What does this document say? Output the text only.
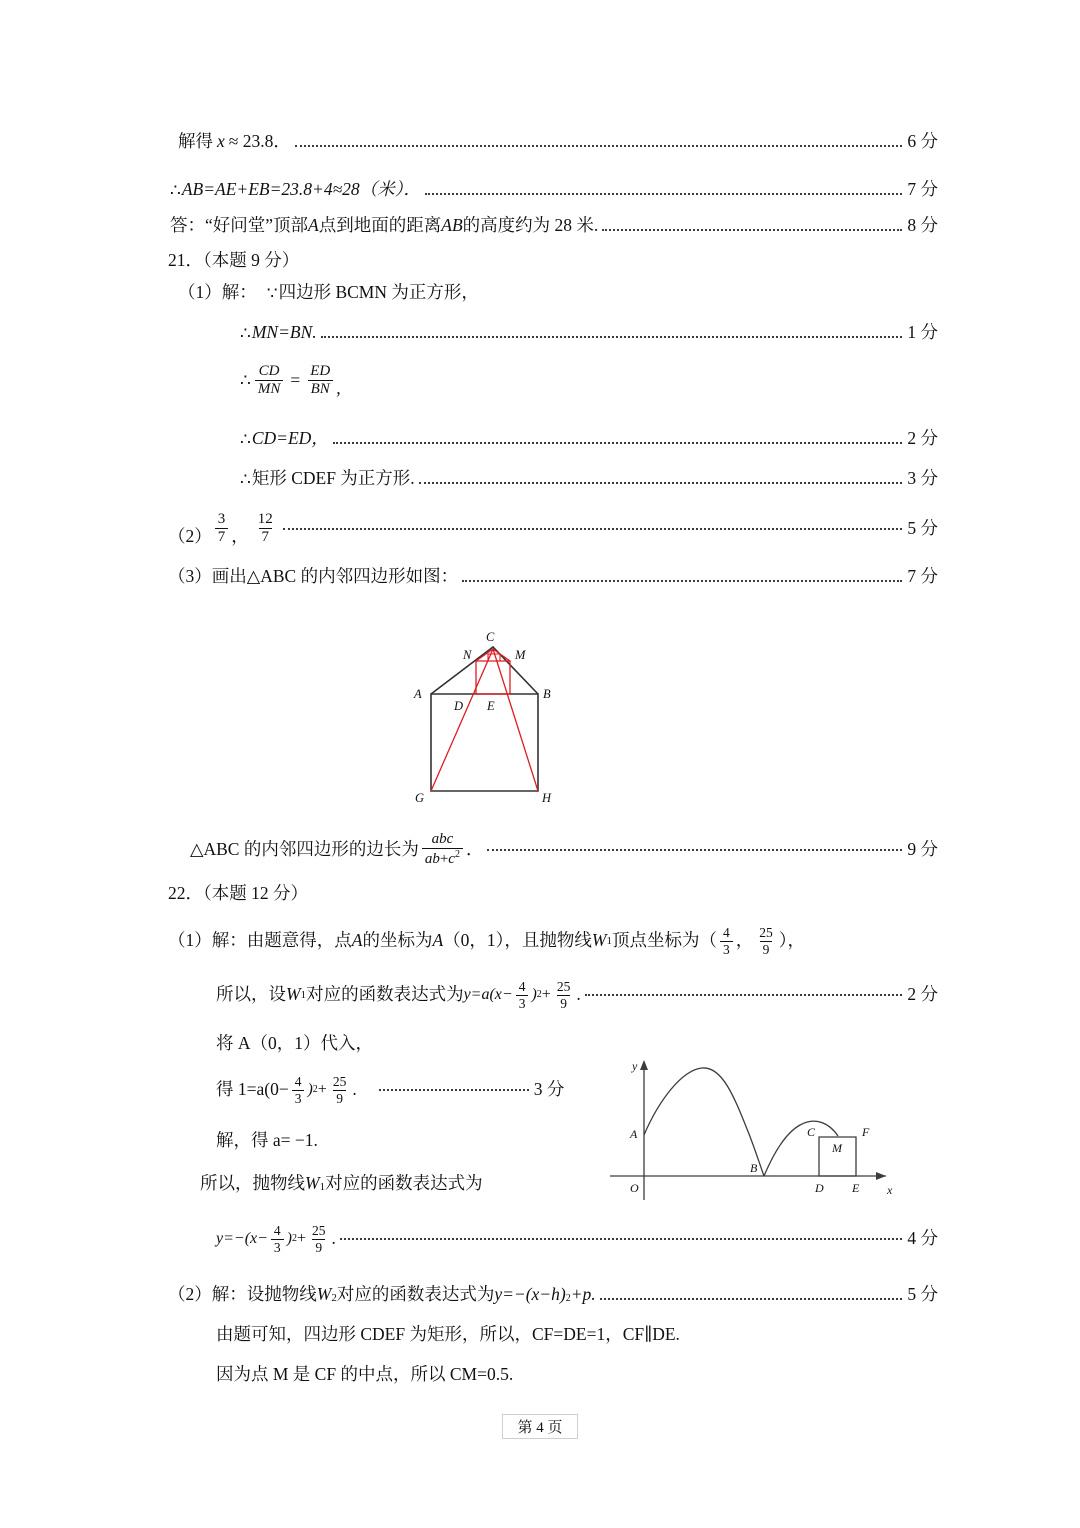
解得 x ≈ 23.8．	6 分
∴ AB=AE+EB=23.8+4≈28（米）．	7 分
答：“好问堂”顶部 A 点到地面的距离 AB 的高度约为 28 米.	8 分
21．（本题 9 分）
（1）解： ∵ 四边形 BCMN 为正方形，
∴ MN=BN.	1 分
∴ $\frac{CD}{MN} = \frac{ED}{BN}$ ,
∴ CD=ED，	2 分
∴ 矩形 CDEF 为正方形.	3 分
$(2) \frac{3}{7}$ ， $\frac{12}{7}$	5 分
（3）画出△ABC 的内邻四边形如图：	7 分
C
N	M
A	B
D E
G	H
△ABC 的内邻四边形的边长为 $\frac{\text{abc}}{ab+c^2}$ ．	9 分
22．（本题 12 分）
（1）解：由题意得，点 A 的坐标为 A （0，1），且抛物线 W 1 顶点坐标为（ $\frac{4}{3}$ ， $\frac{25}{9}$ ），
所以，设 W 1 对应的函数表达式为 $y=a(x- \frac{4}{3}$ ) $2 + \frac{25}{9}$ .	2 分
将 A（0，1）代入，
得 $1=a(0- \frac{4}{3}$ ) $2 + \frac{25}{9}$ .	3 分
解，得 a= −1.
所以，抛物线 W 1 对应的函数表达式为
A
B
C
D E
F
M
O
y
x
$y=-(x- \frac{4}{3}$ ) $2 + \frac{25}{9}$ .	4 分
（2）解：设抛物线 W 2 对应的函数表达式为 y=−(x−h) 2 +p.	5 分
由题可知，四边形 CDEF 为矩形，所以，CF=DE=1，CF∥DE.
因为点 M 是 CF 的中点，所以 CM=0.5.
第 4 页
